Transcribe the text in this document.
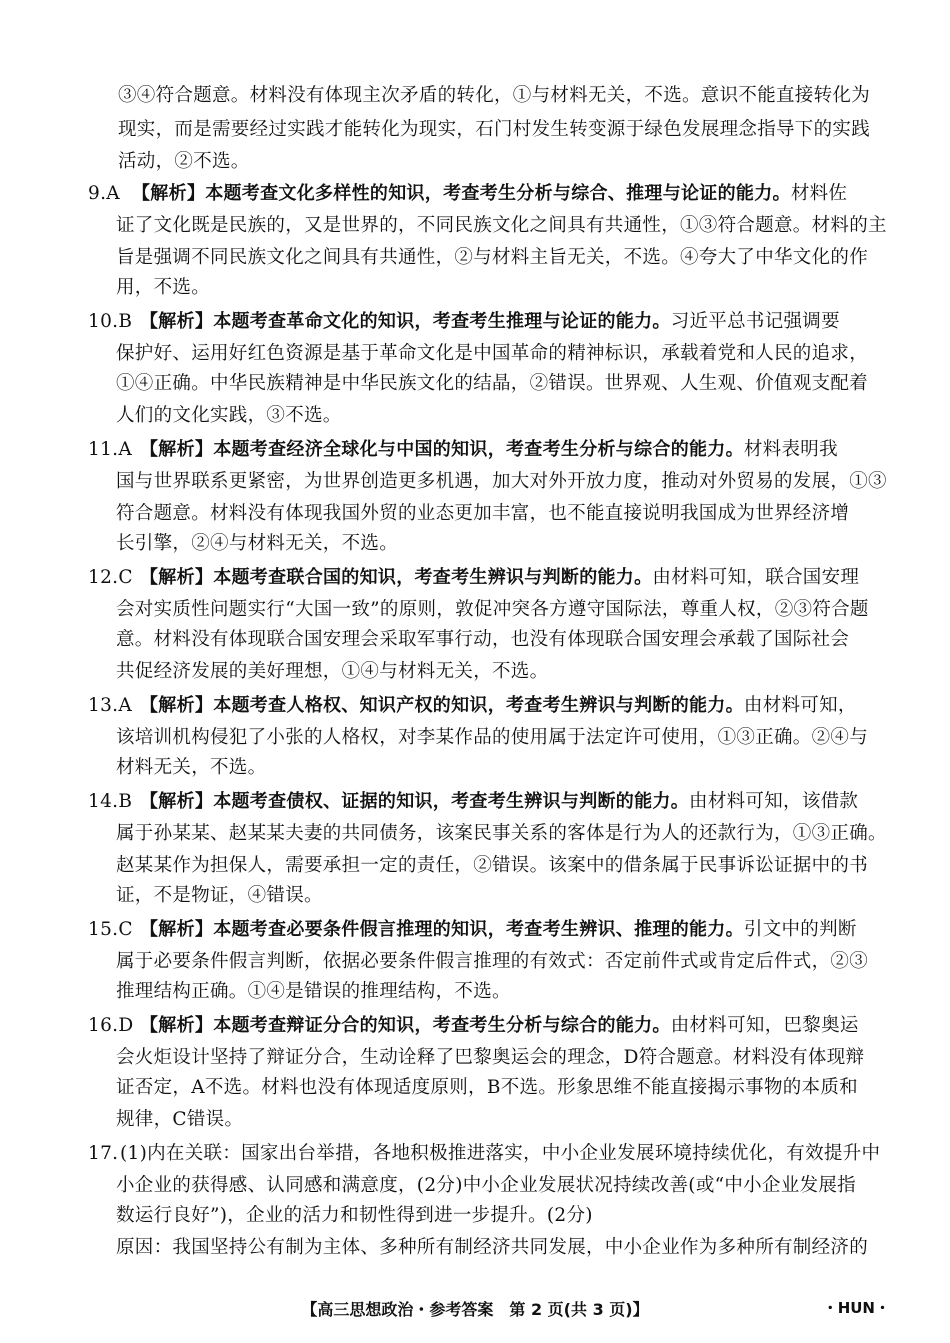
③④符合题意。材料没有体现主次矛盾的转化，①与材料无关，不选。意识不能直接转化为
现实，而是需要经过实践才能转化为现实，石门村发生转变源于绿色发展理念指导下的实践
活动，②不选。
9.A 【解析】本题考查文化多样性的知识，考查考生分析与综合、推理与论证的能力。材料佐
证了文化既是民族的，又是世界的，不同民族文化之间具有共通性，①③符合题意。材料的主
旨是强调不同民族文化之间具有共通性，②与材料主旨无关，不选。④夸大了中华文化的作
用，不选。
10.B 【解析】本题考查革命文化的知识，考查考生推理与论证的能力。习近平总书记强调要
保护好、运用好红色资源是基于革命文化是中国革命的精神标识，承载着党和人民的追求，
①④正确。中华民族精神是中华民族文化的结晶，②错误。世界观、人生观、价值观支配着
人们的文化实践，③不选。
11.A 【解析】本题考查经济全球化与中国的知识，考查考生分析与综合的能力。材料表明我
国与世界联系更紧密，为世界创造更多机遇，加大对外开放力度，推动对外贸易的发展，①③
符合题意。材料没有体现我国外贸的业态更加丰富，也不能直接说明我国成为世界经济增
长引擎，②④与材料无关，不选。
12.C 【解析】本题考查联合国的知识，考查考生辨识与判断的能力。由材料可知，联合国安理
会对实质性问题实行“大国一致”的原则，敦促冲突各方遵守国际法，尊重人权，②③符合题
意。材料没有体现联合国安理会采取军事行动，也没有体现联合国安理会承载了国际社会
共促经济发展的美好理想，①④与材料无关，不选。
13.A 【解析】本题考查人格权、知识产权的知识，考查考生辨识与判断的能力。由材料可知，
该培训机构侵犯了小张的人格权，对李某作品的使用属于法定许可使用，①③正确。②④与
材料无关，不选。
14.B 【解析】本题考查债权、证据的知识，考查考生辨识与判断的能力。由材料可知，该借款
属于孙某某、赵某某夫妻的共同债务，该案民事关系的客体是行为人的还款行为，①③正确。
赵某某作为担保人，需要承担一定的责任，②错误。该案中的借条属于民事诉讼证据中的书
证，不是物证，④错误。
15.C 【解析】本题考查必要条件假言推理的知识，考查考生辨识、推理的能力。引文中的判断
属于必要条件假言判断，依据必要条件假言推理的有效式：否定前件式或肯定后件式，②③
推理结构正确。①④是错误的推理结构，不选。
16.D 【解析】本题考查辩证分合的知识，考查考生分析与综合的能力。由材料可知，巴黎奥运
会火炬设计坚持了辩证分合，生动诠释了巴黎奥运会的理念，D符合题意。材料没有体现辩
证否定，A不选。材料也没有体现适度原则，B不选。形象思维不能直接揭示事物的本质和
规律，C错误。
17.(1)内在关联：国家出台举措，各地积极推进落实，中小企业发展环境持续优化，有效提升中
小企业的获得感、认同感和满意度，(2分)中小企业发展状况持续改善(或“中小企业发展指
数运行良好”)，企业的活力和韧性得到进一步提升。(2分)
原因：我国坚持公有制为主体、多种所有制经济共同发展，中小企业作为多种所有制经济的
【高三思想政治・参考答案　第 2 页(共 3 页)】	・HUN・
